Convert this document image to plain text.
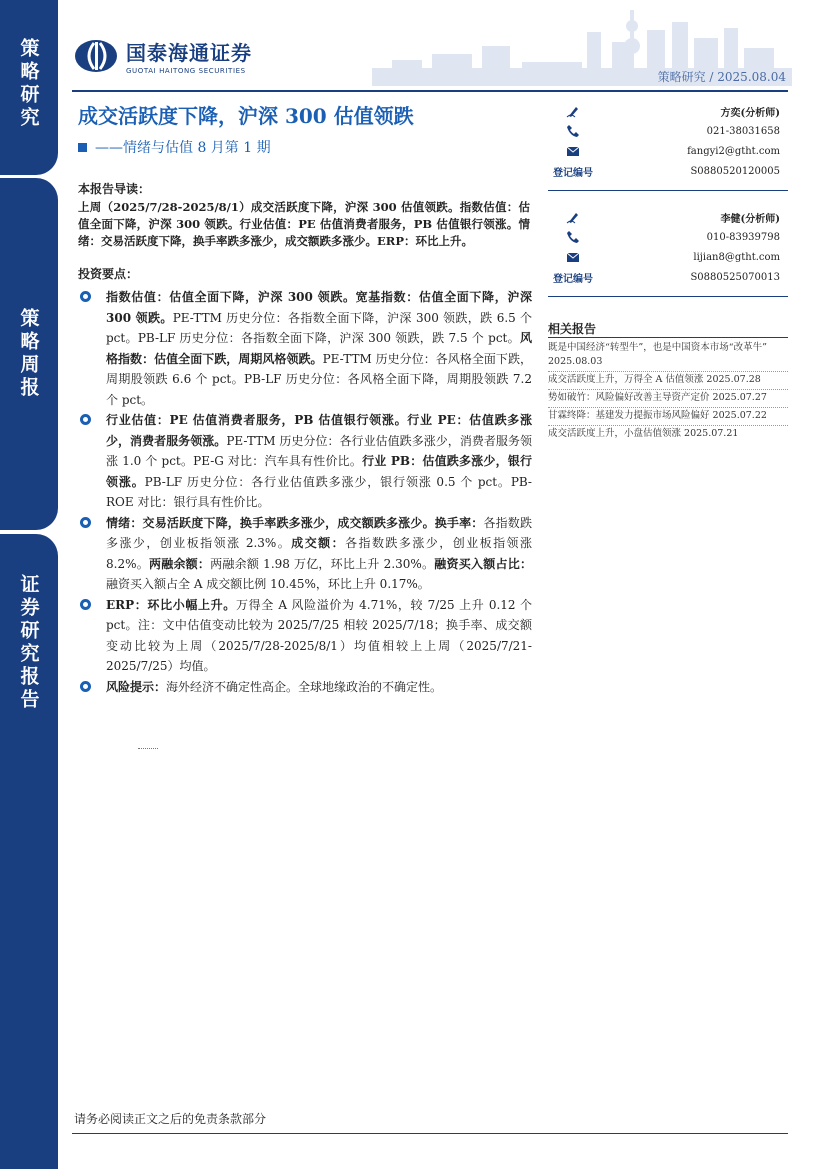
策略研究
策略周报
证券研究报告
国泰海通证券
GUOTAI HAITONG SECURITIES	策略研究 / 2025.08.04
成交活跃度下降，沪深 300 估值领跌
——情绪与估值 8 月第 1 期
方奕(分析师)
021-38031658
fangyi2@gtht.com
登记编号	S0880520120005
李健(分析师)
010-83939798
lijian8@gtht.com
登记编号	S0880525070013
相关报告
既是中国经济“转型牛”，也是中国资本市场“改革牛” 2025.08.03
成交活跃度上升，万得全 A 估值领涨 2025.07.28
势如破竹：风险偏好改善主导资产定价 2025.07.27
甘霖终降：基建发力提振市场风险偏好 2025.07.22
成交活跃度上升，小盘估值领涨 2025.07.21
本报告导读：
上周（2025/7/28-2025/8/1）成交活跃度下降，沪深 300 估值领跌。指数估值：估值全面下降，沪深 300 领跌。行业估值：PE 估值消费者服务，PB 估值银行领涨。情绪：交易活跃度下降，换手率跌多涨少，成交额跌多涨少。ERP：环比上升。
投资要点：
指数估值：估值全面下降，沪深 300 领跌。宽基指数：估值全面下降，沪深 300 领跌。PE-TTM 历史分位：各指数全面下降，沪深 300 领跌，跌 6.5 个 pct。PB-LF 历史分位：各指数全面下降，沪深 300 领跌，跌 7.5 个 pct。风格指数：估值全面下跌，周期风格领跌。PE-TTM 历史分位：各风格全面下跌，周期股领跌 6.6 个 pct。PB-LF 历史分位：各风格全面下降，周期股领跌 7.2 个 pct。
行业估值：PE 估值消费者服务，PB 估值银行领涨。行业 PE：估值跌多涨少，消费者服务领涨。PE-TTM 历史分位：各行业估值跌多涨少，消费者服务领涨 1.0 个 pct。PE-G 对比：汽车具有性价比。行业 PB：估值跌多涨少，银行领涨。PB-LF 历史分位：各行业估值跌多涨少，银行领涨 0.5 个 pct。PB-ROE 对比：银行具有性价比。
情绪：交易活跃度下降，换手率跌多涨少，成交额跌多涨少。换手率：各指数跌多涨少，创业板指领涨 2.3%。成交额：各指数跌多涨少，创业板指领涨 8.2%。两融余额：两融余额 1.98 万亿，环比上升 2.30%。融资买入额占比：融资买入额占全 A 成交额比例 10.45%，环比上升 0.17%。
ERP：环比小幅上升。万得全 A 风险溢价为 4.71%，较 7/25 上升 0.12 个 pct。注：文中估值变动比较为 2025/7/25 相较 2025/7/18；换手率、成交额变动比较为上周（2025/7/28-2025/8/1）均值相较上上周（2025/7/21-2025/7/25）均值。
风险提示：海外经济不确定性高企。全球地缘政治的不确定性。
请务必阅读正文之后的免责条款部分
